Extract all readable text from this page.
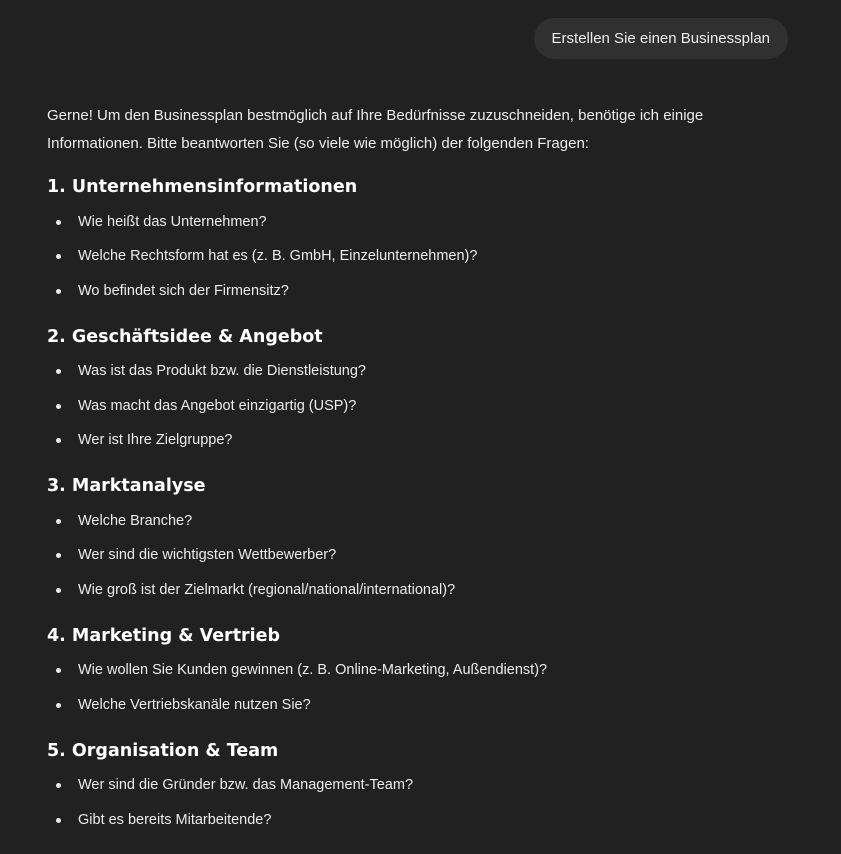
Erstellen Sie einen Businessplan

Gerne! Um den Businessplan bestmöglich auf Ihre Bedürfnisse zuzuschneiden, benötige ich einige
Informationen. Bitte beantworten Sie (so viele wie möglich) der folgenden Fragen:

1. Unternehmensinformationen
Wie heißt das Unternehmen?
Welche Rechtsform hat es (z. B. GmbH, Einzelunternehmen)?
Wo befindet sich der Firmensitz?
2. Geschäftsidee & Angebot
Was ist das Produkt bzw. die Dienstleistung?
Was macht das Angebot einzigartig (USP)?
Wer ist Ihre Zielgruppe?
3. Marktanalyse
Welche Branche?
Wer sind die wichtigsten Wettbewerber?
Wie groß ist der Zielmarkt (regional/national/international)?
4. Marketing & Vertrieb
Wie wollen Sie Kunden gewinnen (z. B. Online-Marketing, Außendienst)?
Welche Vertriebskanäle nutzen Sie?
5. Organisation & Team
Wer sind die Gründer bzw. das Management-Team?
Gibt es bereits Mitarbeitende?
